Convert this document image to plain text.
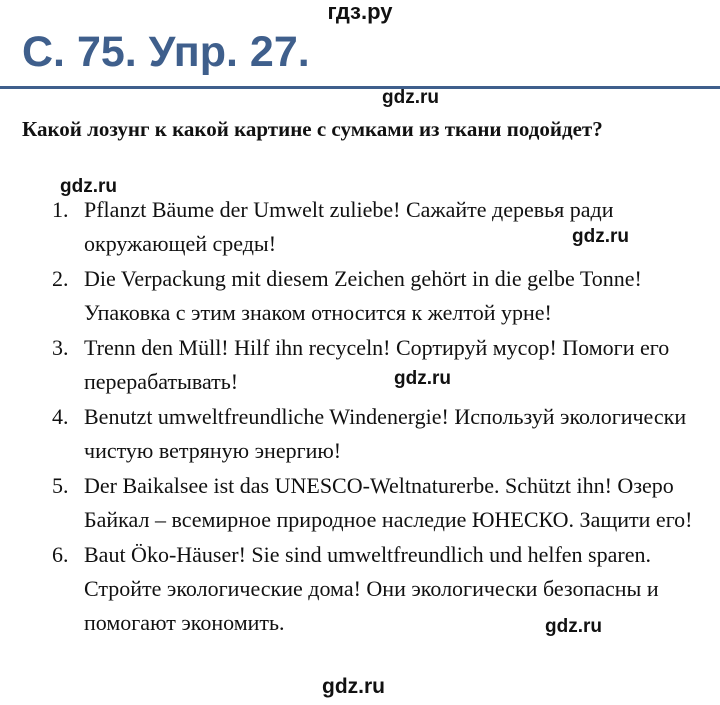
гдз.ру
С. 75. Упр. 27.
gdz.ru
Какой лозунг к какой картине с сумками из ткани подойдет?
gdz.ru
1. Pflanzt Bäume der Umwelt zuliebe! Сажайте деревья ради окружающей среды!
2. Die Verpackung mit diesem Zeichen gehört in die gelbe Tonne! Упаковка с этим знаком относится к желтой урне!
3. Trenn den Müll! Hilf ihn recyceln! Сортируй мусор! Помоги его перерабатывать!
4. Benutzt umweltfreundliche Windenergie! Используй экологически чистую ветряную энергию!
5. Der Baikalsee ist das UNESCO-Weltnaturerbe. Schützt ihn! Озеро Байкал – всемирное природное наследие ЮНЕСКО. Защити его!
6. Baut Öko-Häuser! Sie sind umweltfreundlich und helfen sparen. Стройте экологические дома! Они экологически безопасны и помогают экономить.
gdz.ru
gdz.ru
gdz.ru
gdz.ru
